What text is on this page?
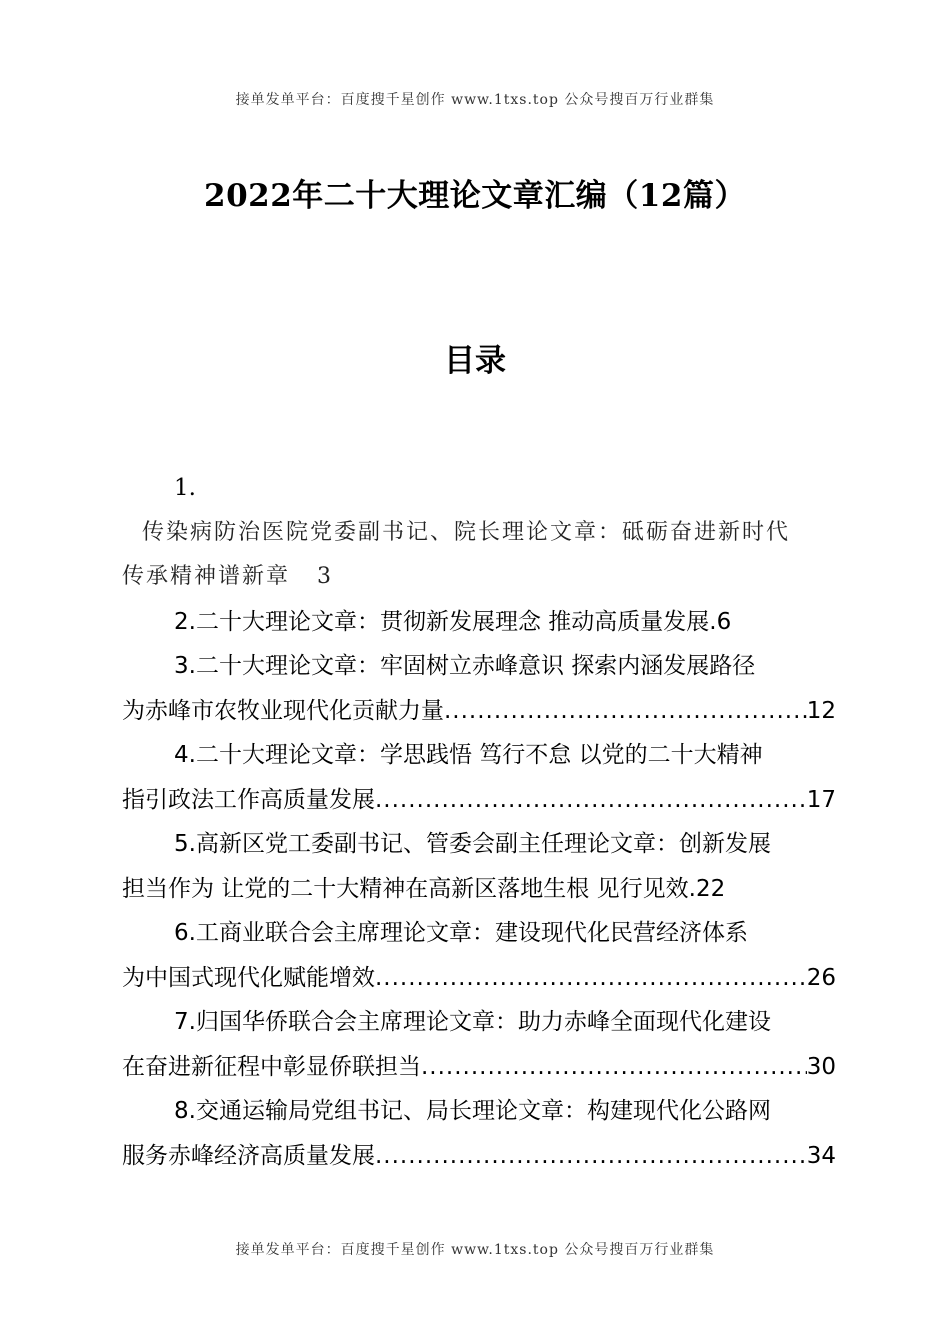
接单发单平台：百度搜千星创作 www.1txs.top 公众号搜百万行业群集
2022年二十大理论文章汇编（12篇）
目录
1.
传染病防治医院党委副书记、院长理论文章：砥砺奋进新时代
传承精神谱新章 3
2.二十大理论文章：贯彻新发展理念 推动高质量发展.6
3.二十大理论文章：牢固树立赤峰意识 探索内涵发展路径
为赤峰市农牧业现代化贡献力量 .....	12
4.二十大理论文章：学思践悟 笃行不怠 以党的二十大精神
指引政法工作高质量发展 .....	17
5.高新区党工委副书记、管委会副主任理论文章：创新发展
担当作为 让党的二十大精神在高新区落地生根 见行见效.22
6.工商业联合会主席理论文章：建设现代化民营经济体系
为中国式现代化赋能增效 .....	26
7.归国华侨联合会主席理论文章：助力赤峰全面现代化建设
在奋进新征程中彰显侨联担当 .....	30
8.交通运输局党组书记、局长理论文章：构建现代化公路网
服务赤峰经济高质量发展 .....	34
接单发单平台：百度搜千星创作 www.1txs.top 公众号搜百万行业群集
